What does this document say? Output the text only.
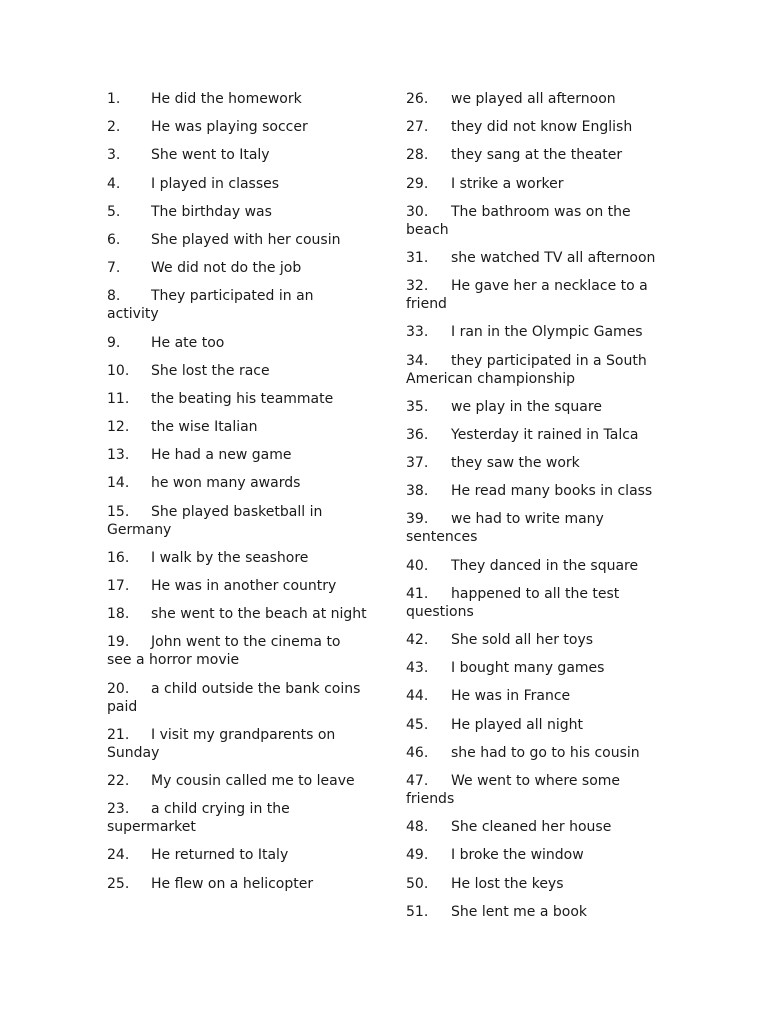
1. He did the homework
2. He was playing soccer
3. She went to Italy
4. I played in classes
5. The birthday was
6. She played with her cousin
7. We did not do the job
8. They participated in an activity
9. He ate too
10. She lost the race
11. the beating his teammate
12. the wise Italian
13. He had a new game
14. he won many awards
15. She played basketball in Germany
16. I walk by the seashore
17. He was in another country
18. she went to the beach at night
19. John went to the cinema to see a horror movie
20. a child outside the bank coins paid
21. I visit my grandparents on Sunday
22. My cousin called me to leave
23. a child crying in the supermarket
24. He returned to Italy
25. He flew on a helicopter
26. we played all afternoon
27. they did not know English
28. they sang at the theater
29. I strike a worker
30. The bathroom was on the beach
31. she watched TV all afternoon
32. He gave her a necklace to a friend
33. I ran in the Olympic Games
34. they participated in a South American championship
35. we play in the square
36. Yesterday it rained in Talca
37. they saw the work
38. He read many books in class
39. we had to write many sentences
40. They danced in the square
41. happened to all the test questions
42. She sold all her toys
43. I bought many games
44. He was in France
45. He played all night
46. she had to go to his cousin
47. We went to where some friends
48. She cleaned her house
49. I broke the window
50. He lost the keys
51. She lent me a book
